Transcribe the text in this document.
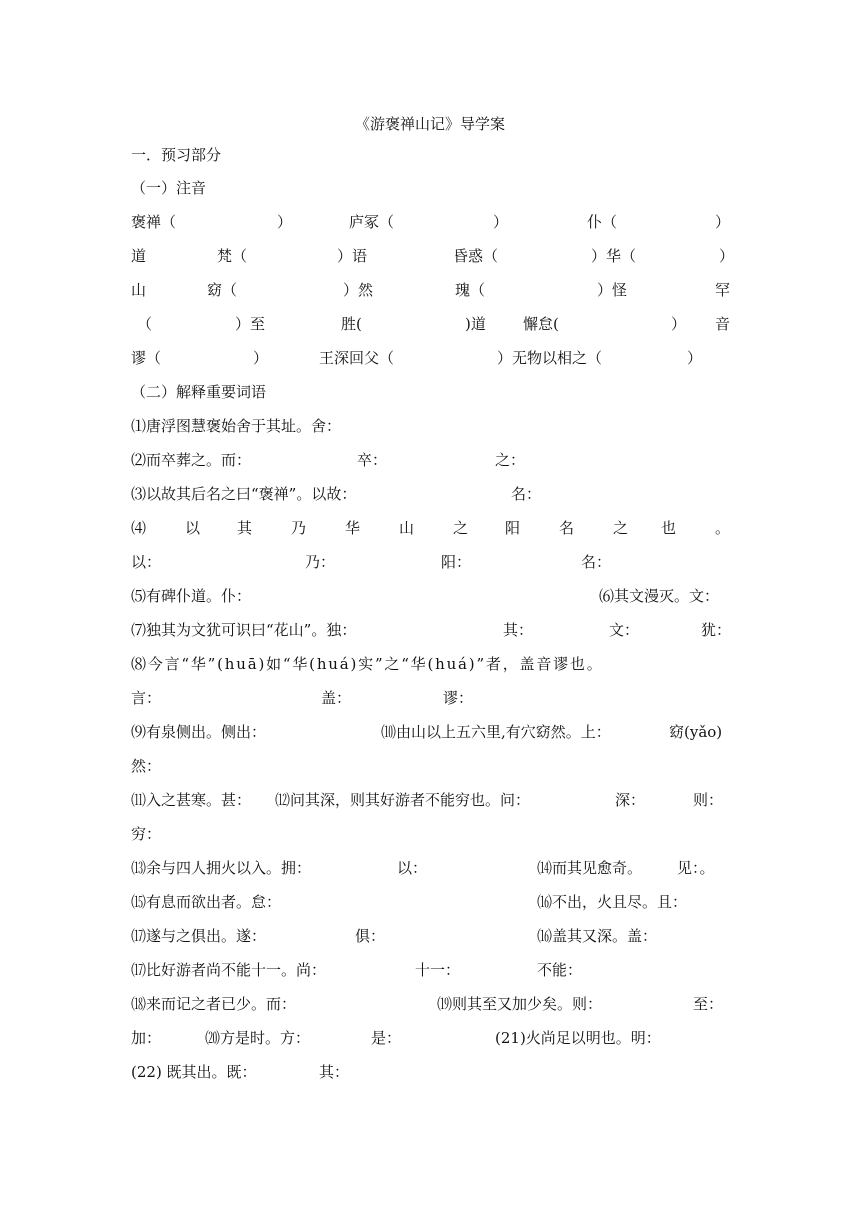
《游褒禅山记》导学案
一．预习部分
（一）注音
褒禅（	）	庐冢（	）	仆（	）
道	梵（	）语	昏惑（	）华（	）
山	窈（	）然	瑰（	）怪	罕
（	）至	胜(	)道 懈怠(	） 音
谬（	）	王深回父（	）无物以相之（	）
（二）解释重要词语
⑴唐浮图慧褒始舍于其址。舍：
⑵而卒葬之。而：	卒：	之：
⑶以故其后名之曰“褒禅”。以故：	名：
⑷	以 其	乃	华	山	之 阳	名	之 也	。
以：	乃：	阳：	名：
⑸有碑仆道。仆：	⑹其文漫灭。文：
⑺独其为文犹可识曰“花山”。独：	其：	文：	犹：
⑻今言“华”(huā)如“华(huá)实”之“华(huá)”者，盖音谬也。
言：	盖：	谬：
⑼有泉侧出。侧出：	⑽由山以上五六里,有穴窈然。上：	窈(yǎo)
然：
⑾入之甚寒。甚： ⑿问其深，则其好游者不能穷也。问：	深：	则：
穷：
⒀余与四人拥火以入。拥：	以：	⒁而其见愈奇。 见：。
⒂有息而欲出者。怠：	⒃不出，火且尽。且：
⒄遂与之俱出。遂：	俱：	⒃盖其又深。盖：
⒄比好游者尚不能十一。尚：	十一：	不能：
⒅来而记之者已少。而：	⒆则其至又加少矣。则：	至：
加：	⒇方是时。方：	是：	(21)火尚足以明也。明：
(22) 既其出。既：	其：
